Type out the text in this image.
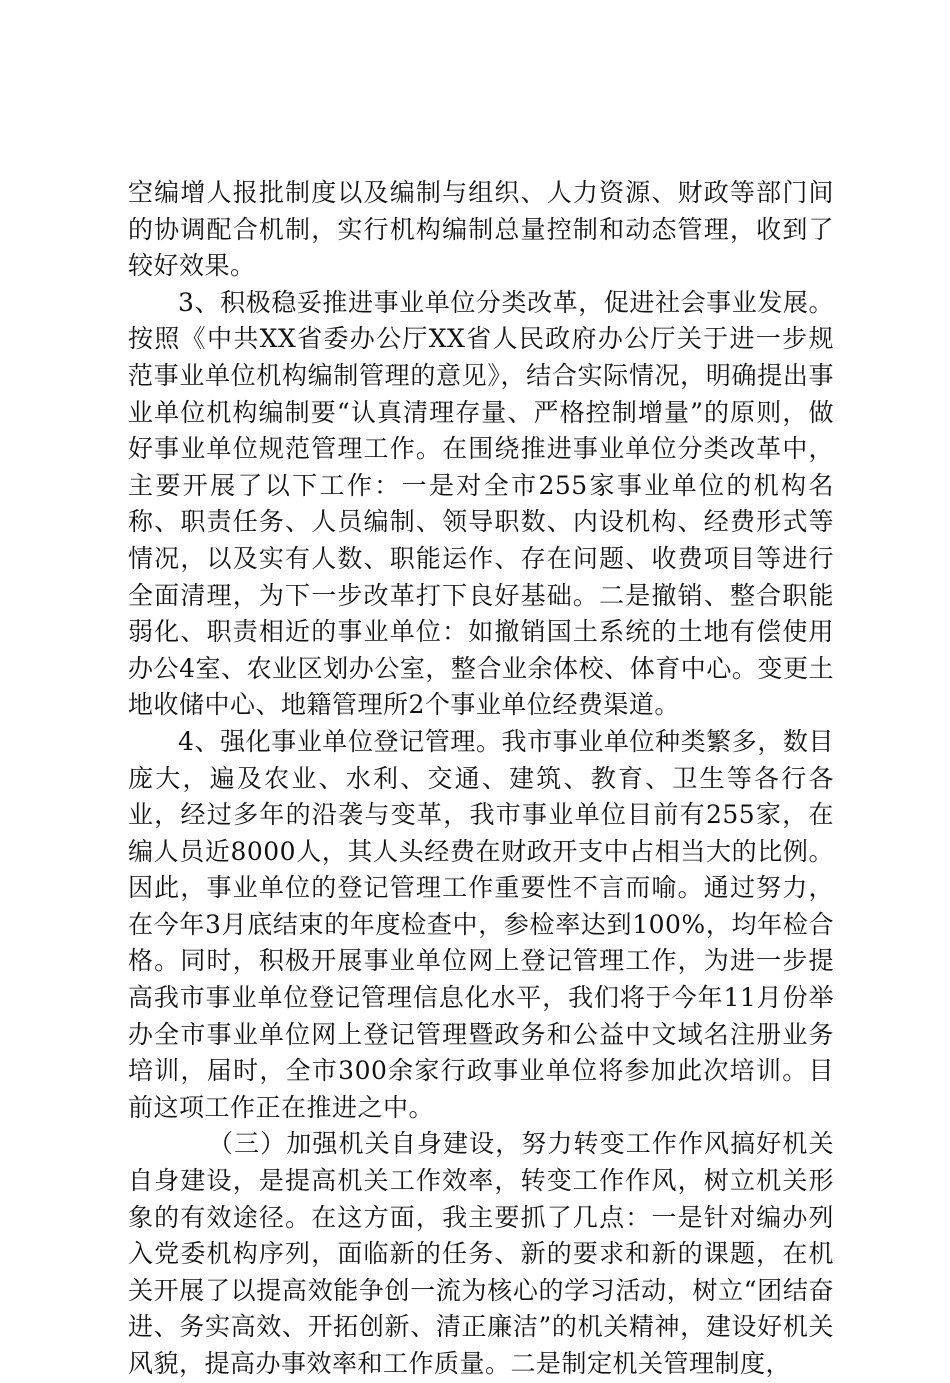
空编增人报批制度以及编制与组织、人力资源、财政等部门间的协调配合机制，实行机构编制总量控制和动态管理，收到了较好效果。

3、积极稳妥推进事业单位分类改革，促进社会事业发展。按照《中共XX省委办公厅XX省人民政府办公厅关于进一步规范事业单位机构编制管理的意见》，结合实际情况，明确提出事业单位机构编制要“认真清理存量、严格控制增量”的原则，做好事业单位规范管理工作。在围绕推进事业单位分类改革中，主要开展了以下工作：一是对全市255家事业单位的机构名称、职责任务、人员编制、领导职数、内设机构、经费形式等情况，以及实有人数、职能运作、存在问题、收费项目等进行全面清理，为下一步改革打下良好基础。二是撤销、整合职能弱化、职责相近的事业单位：如撤销国土系统的土地有偿使用办公4室、农业区划办公室，整合业余体校、体育中心。变更土地收储中心、地籍管理所2个事业单位经费渠道。

4、强化事业单位登记管理。我市事业单位种类繁多，数目庞大，遍及农业、水利、交通、建筑、教育、卫生等各行各业，经过多年的沿袭与变革，我市事业单位目前有255家，在编人员近8000人，其人头经费在财政开支中占相当大的比例。因此，事业单位的登记管理工作重要性不言而喻。通过努力，在今年3月底结束的年度检查中，参检率达到100%，均年检合格。同时，积极开展事业单位网上登记管理工作，为进一步提高我市事业单位登记管理信息化水平，我们将于今年11月份举办全市事业单位网上登记管理暨政务和公益中文域名注册业务培训，届时，全市300余家行政事业单位将参加此次培训。目前这项工作正在推进之中。

（三）加强机关自身建设，努力转变工作作风搞好机关自身建设，是提高机关工作效率，转变工作作风，树立机关形象的有效途径。在这方面，我主要抓了几点：一是针对编办列入党委机构序列，面临新的任务、新的要求和新的课题，在机关开展了以提高效能争创一流为核心的学习活动，树立“团结奋进、务实高效、开拓创新、清正廉洁”的机关精神，建设好机关风貌，提高办事效率和工作质量。二是制定机关管理制度，
